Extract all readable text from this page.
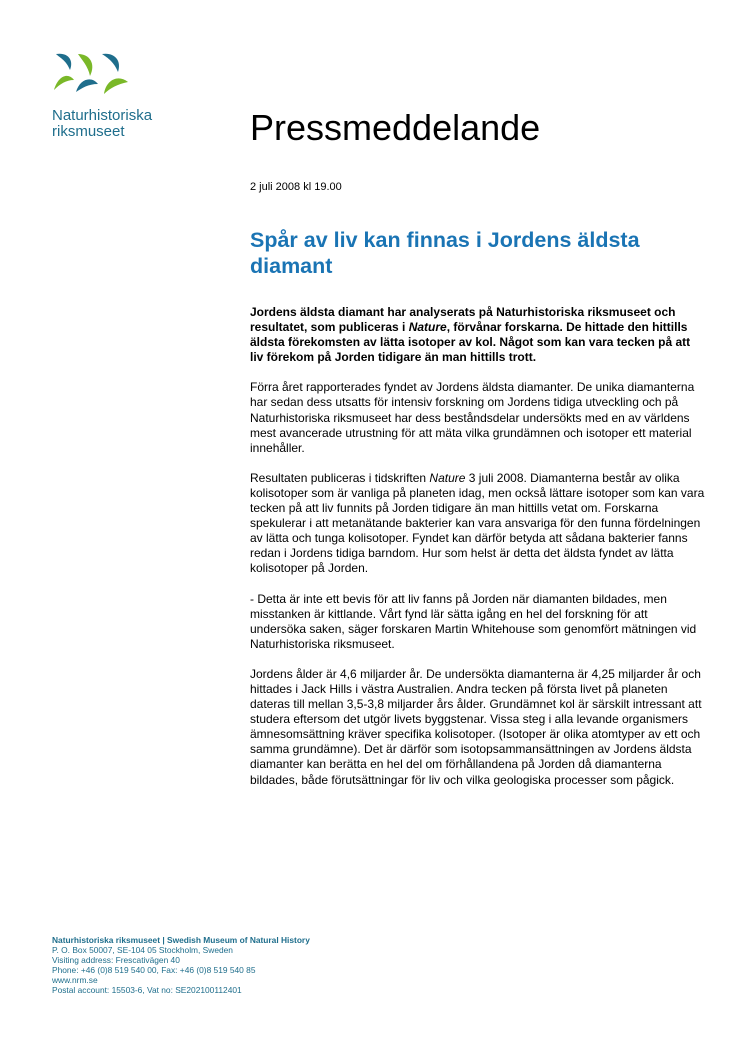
Naturhistoriska
riksmuseet	Pressmeddelande
2 juli 2008 kl 19.00
Spår av liv kan finnas i Jordens äldsta diamant

Jordens äldsta diamant har analyserats på Naturhistoriska riksmuseet och resultatet, som publiceras i Nature, förvånar forskarna. De hittade den hittills äldsta förekomsten av lätta isotoper av kol. Något som kan vara tecken på att liv förekom på Jorden tidigare än man hittills trott.

Förra året rapporterades fyndet av Jordens äldsta diamanter. De unika diamanterna har sedan dess utsatts för intensiv forskning om Jordens tidiga utveckling och på Naturhistoriska riksmuseet har dess beståndsdelar undersökts med en av världens mest avancerade utrustning för att mäta vilka grundämnen och isotoper ett material innehåller.

Resultaten publiceras i tidskriften Nature 3 juli 2008. Diamanterna består av olika kolisotoper som är vanliga på planeten idag, men också lättare isotoper som kan vara tecken på att liv funnits på Jorden tidigare än man hittills vetat om. Forskarna spekulerar i att metanätande bakterier kan vara ansvariga för den funna fördelningen av lätta och tunga kolisotoper. Fyndet kan därför betyda att sådana bakterier fanns redan i Jordens tidiga barndom. Hur som helst är detta det äldsta fyndet av lätta kolisotoper på Jorden.

- Detta är inte ett bevis för att liv fanns på Jorden när diamanten bildades, men misstanken är kittlande. Vårt fynd lär sätta igång en hel del forskning för att undersöka saken, säger forskaren Martin Whitehouse som genomfört mätningen vid Naturhistoriska riksmuseet.

Jordens ålder är 4,6 miljarder år. De undersökta diamanterna är 4,25 miljarder år och hittades i Jack Hills i västra Australien. Andra tecken på första livet på planeten dateras till mellan 3,5-3,8 miljarder års ålder. Grundämnet kol är särskilt intressant att studera eftersom det utgör livets byggstenar. Vissa steg i alla levande organismers ämnesomsättning kräver specifika kolisotoper. (Isotoper är olika atomtyper av ett och samma grundämne). Det är därför som isotopsammansättningen av Jordens äldsta diamanter kan berätta en hel del om förhållandena på Jorden då diamanterna bildades, både förutsättningar för liv och vilka geologiska processer som pågick.

Naturhistoriska riksmuseet | Swedish Museum of Natural History
P. O. Box 50007, SE-104 05 Stockholm, Sweden
Visiting address: Frescativägen 40
Phone: +46 (0)8 519 540 00, Fax: +46 (0)8 519 540 85
www.nrm.se
Postal account: 15503-6, Vat no: SE202100112401
